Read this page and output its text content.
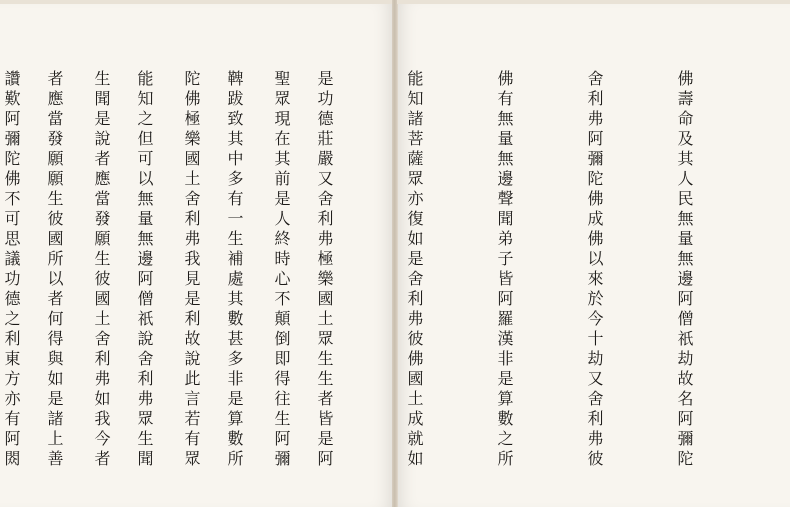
聖眾現在其前是人終時心不顛倒即得往生阿彌

陀佛極樂國土舍利弗我見是利故說此言若有眾

生聞是說者應當發願生彼國土舍利弗如我今者

讚歎阿彌陀佛不可思議功德之利東方亦有阿閦

	佛壽命及其人民無量無邊阿僧祇劫故名阿彌陀

舍利弗阿彌陀佛成佛以來於今十劫又舍利弗彼

佛有無量無邊聲聞弟子皆阿羅漢非是算數之所

能知諸菩薩眾亦復如是舍利弗彼佛國土成就如

是功德莊嚴又舍利弗極樂國土眾生生者皆是阿

鞞跋致其中多有一生補處其數甚多非是算數所

能知之但可以無量無邊阿僧祇說舍利弗眾生聞

者應當發願願生彼國所以者何得與如是諸上善
